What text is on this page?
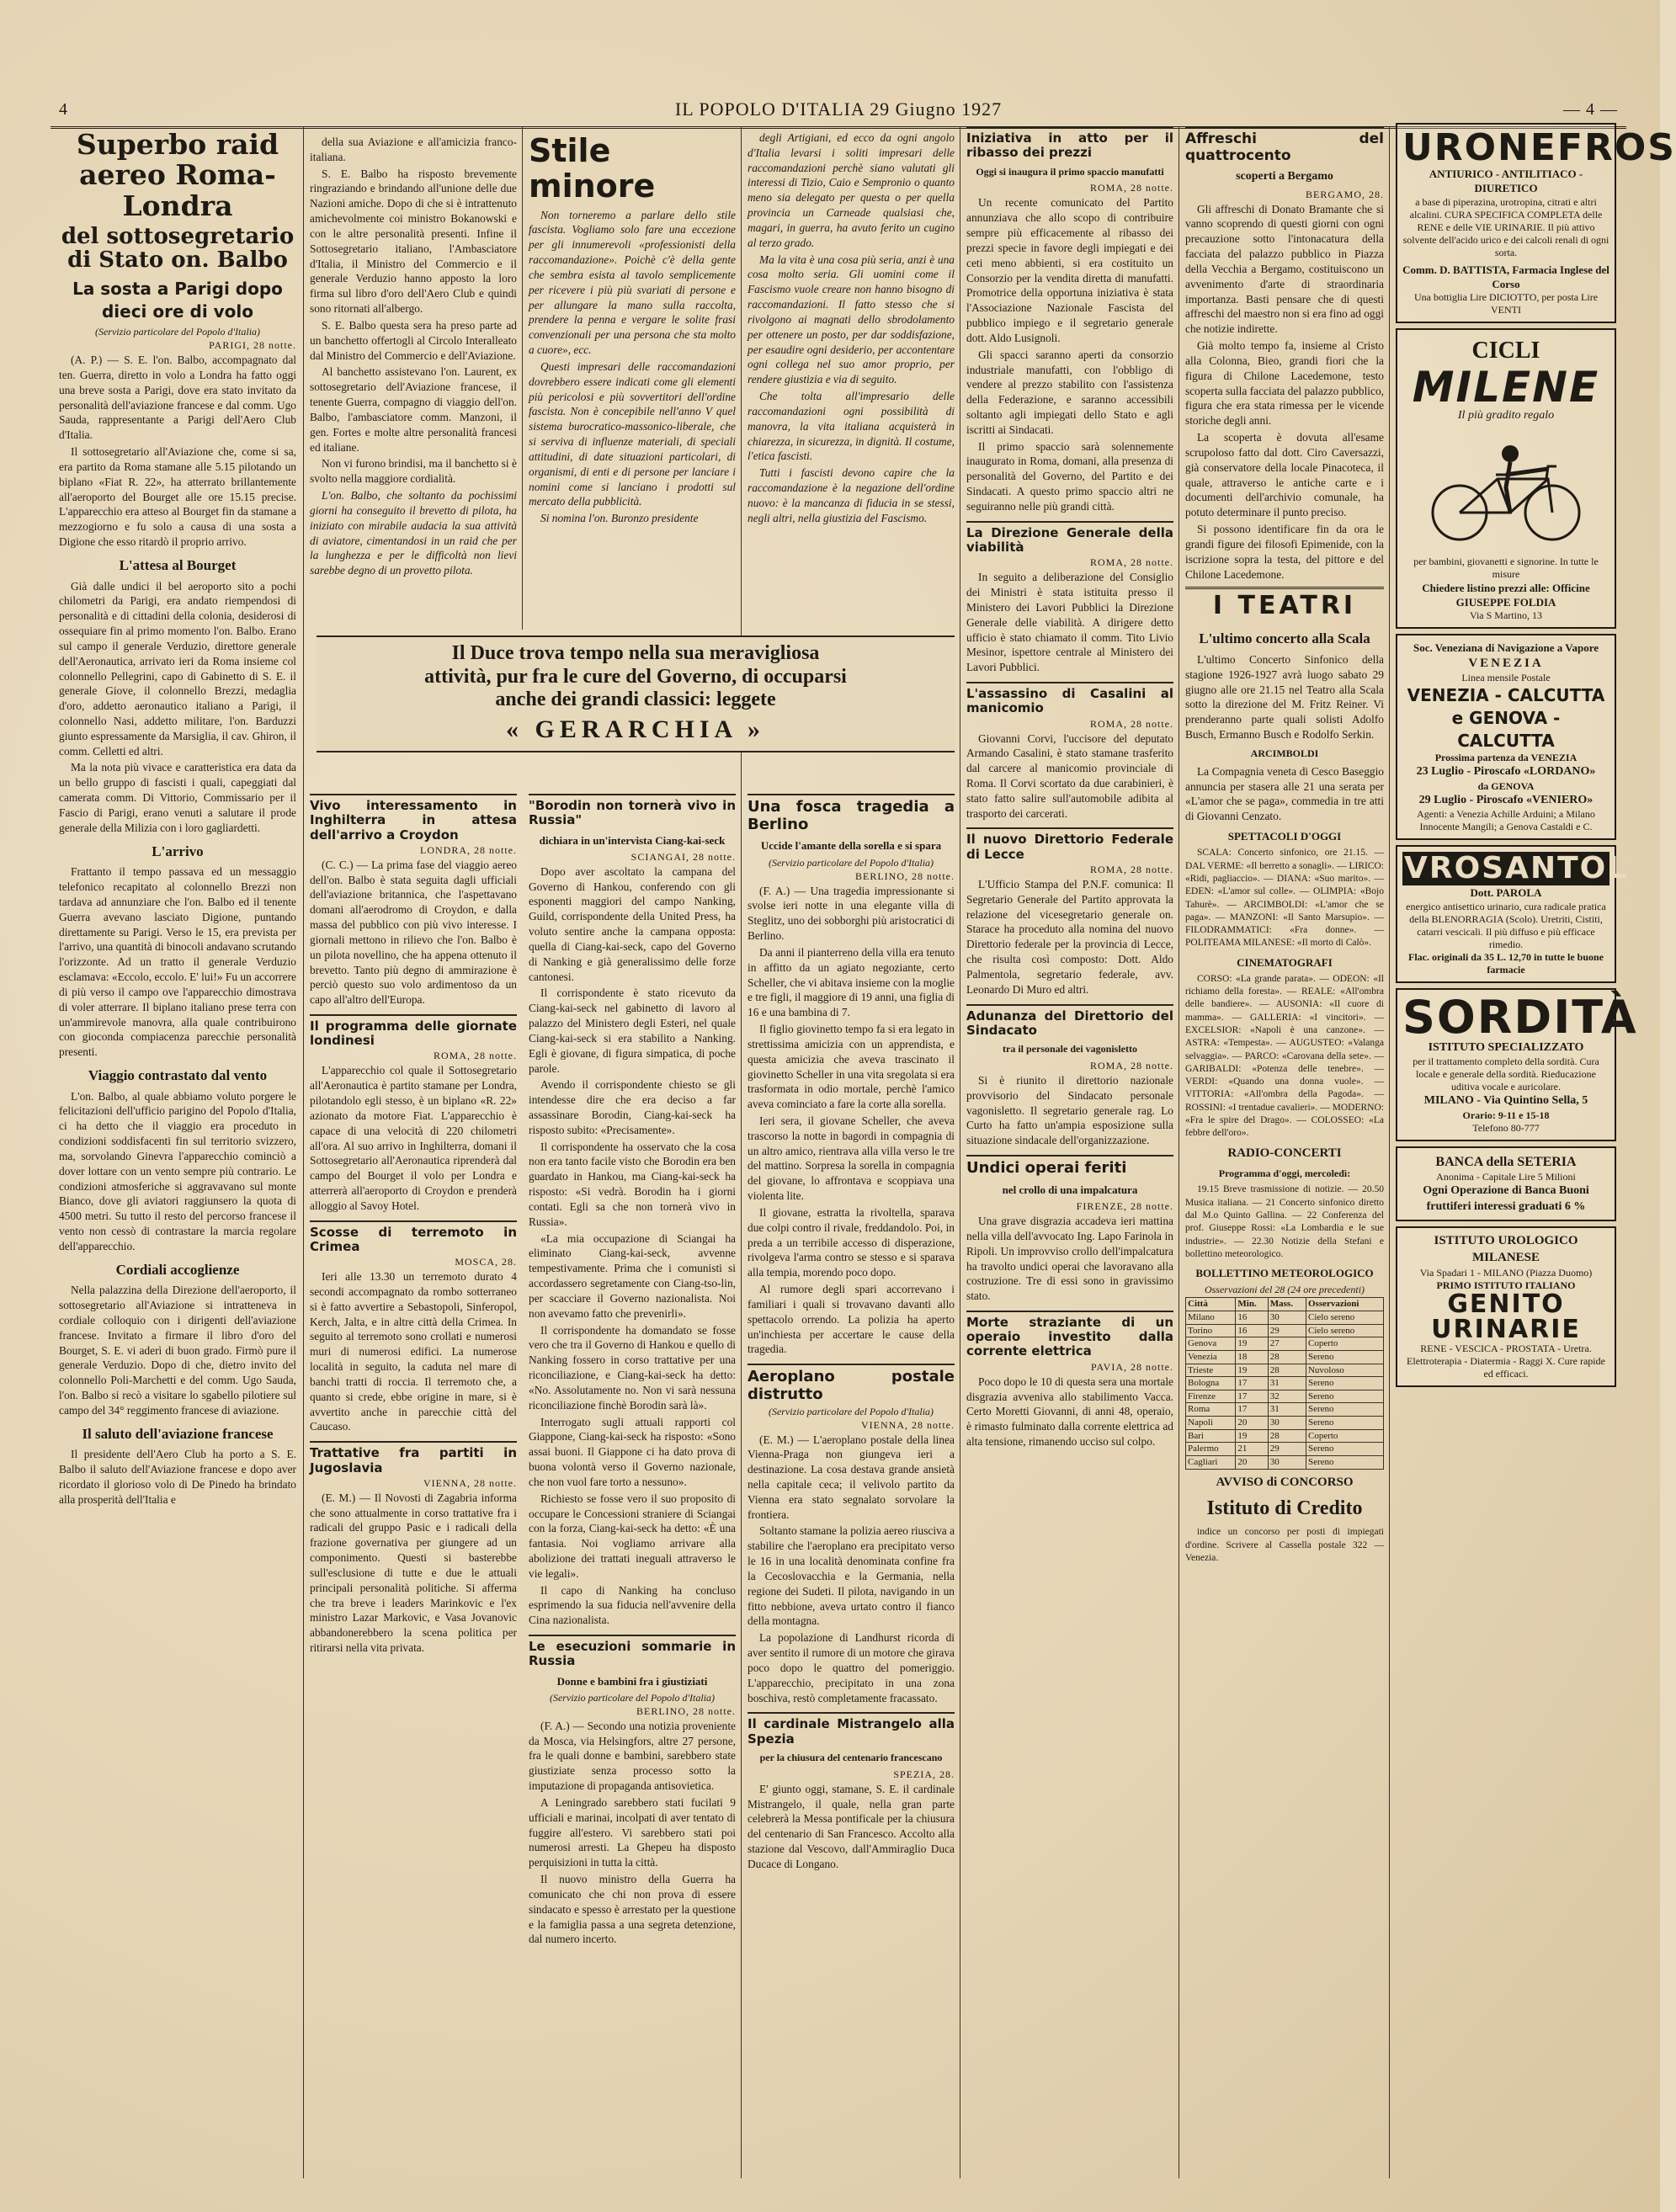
4	IL POPOLO D'ITALIA 29 Giugno 1927	— 4 —
Superbo raid aereo Roma-Londra
del sottosegretario di Stato on. Balbo
La sosta a Parigi dopo dieci ore di volo
(Servizio particolare del Popolo d'Italia)
PARIGI, 28 notte.

(A. P.) — S. E. l'on. Balbo, accompagnato dal ten. Guerra, diretto in volo a Londra ha fatto oggi una breve sosta a Parigi, dove era stato invitato da personalità dell'aviazione francese e dal comm. Ugo Sauda, rappresentante a Parigi dell'Aero Club d'Italia.

Il sottosegretario all'Aviazione che, come si sa, era partito da Roma stamane alle 5.15 pilotando un biplano «Fiat R. 22», ha atterrato brillantemente all'aeroporto del Bourget alle ore 15.15 precise. L'apparecchio era atteso al Bourget fin da stamane a mezzogiorno e fu solo a causa di una sosta a Digione che esso ritardò il proprio arrivo.

L'attesa al Bourget

Già dalle undici il bel aeroporto sito a pochi chilometri da Parigi, era andato riempendosi di personalità e di cittadini della colonia, desiderosi di ossequiare fin al primo momento l'on. Balbo. Erano sul campo il generale Verduzio, direttore generale dell'Aeronautica, arrivato ieri da Roma insieme col colonnello Pellegrini, capo di Gabinetto di S. E. il generale Giove, il colonnello Brezzi, medaglia d'oro, addetto aeronautico italiano a Parigi, il colonnello Nasi, addetto militare, l'on. Barduzzi giunto espressamente da Marsiglia, il cav. Ghiron, il comm. Celletti ed altri.

Ma la nota più vivace e caratteristica era data da un bello gruppo di fascisti i quali, capeggiati dal camerata comm. Di Vittorio, Commissario per il Fascio di Parigi, erano venuti a salutare il prode generale della Milizia con i loro gagliardetti.

L'arrivo

Frattanto il tempo passava ed un messaggio telefonico recapitato al colonnello Brezzi non tardava ad annunziare che l'on. Balbo ed il tenente Guerra avevano lasciato Digione, puntando direttamente su Parigi. Verso le 15, era prevista per l'arrivo, una quantità di binocoli andavano scrutando l'orizzonte. Ad un tratto il generale Verduzio esclamava: «Eccolo, eccolo. E' lui!» Fu un accorrere di più verso il campo ove l'apparecchio dimostrava di voler atterrare. Il biplano italiano prese terra con un'ammirevole manovra, alla quale contribuirono con gioconda compiacenza parecchie personalità presenti.

Viaggio contrastato dal vento

L'on. Balbo, al quale abbiamo voluto porgere le felicitazioni dell'ufficio parigino del Popolo d'Italia, ci ha detto che il viaggio era proceduto in condizioni soddisfacenti fin sul territorio svizzero, ma, sorvolando Ginevra l'apparecchio cominciò a dover lottare con un vento sempre più contrario. Le condizioni atmosferiche si aggravavano sul monte Bianco, dove gli aviatori raggiunsero la quota di 4500 metri. Su tutto il resto del percorso francese il vento non cessò di contrastare la marcia regolare dell'apparecchio.

Cordiali accoglienze

Nella palazzina della Direzione dell'aeroporto, il sottosegretario all'Aviazione si intratteneva in cordiale colloquio con i dirigenti dell'aviazione francese. Invitato a firmare il libro d'oro del Bourget, S. E. vi aderì di buon grado. Firmò pure il generale Verduzio. Dopo di che, dietro invito del colonnello Poli-Marchetti e del comm. Ugo Sauda, l'on. Balbo si recò a visitare lo sgabello pilotiere sul campo del 34° reggimento francese di aviazione.

Il saluto dell'aviazione francese

Il presidente dell'Aero Club ha porto a S. E. Balbo il saluto dell'Aviazione francese e dopo aver ricordato il glorioso volo di De Pinedo ha brindato alla prosperità dell'Italia e

della sua Aviazione e all'amicizia franco-italiana.

S. E. Balbo ha risposto brevemente ringraziando e brindando all'unione delle due Nazioni amiche. Dopo di che si è intrattenuto amichevolmente coi ministro Bokanowski e con le altre personalità presenti. Infine il Sottosegretario italiano, l'Ambasciatore d'Italia, il Ministro del Commercio e il generale Verduzio hanno apposto la loro firma sul libro d'oro dell'Aero Club e quindi sono ritornati all'albergo.

S. E. Balbo questa sera ha preso parte ad un banchetto offertogli al Circolo Interalleato dal Ministro del Commercio e dell'Aviazione.

Al banchetto assistevano l'on. Laurent, ex sottosegretario dell'Aviazione francese, il tenente Guerra, compagno di viaggio dell'on. Balbo, l'ambasciatore comm. Manzoni, il gen. Fortes e molte altre personalità francesi ed italiane.

Non vi furono brindisi, ma il banchetto si è svolto nella maggiore cordialità.

L'on. Balbo, che soltanto da pochissimi giorni ha conseguito il brevetto di pilota, ha iniziato con mirabile audacia la sua attività di aviatore, cimentandosi in un raid che per la lunghezza e per le difficoltà non lievi sarebbe degno di un provetto pilota.

Vivo interessamento in Inghilterra in attesa dell'arrivo a Croydon
LONDRA, 28 notte.

(C. C.) — La prima fase del viaggio aereo dell'on. Balbo è stata seguita dagli ufficiali dell'aviazione britannica, che l'aspettavano domani all'aerodromo di Croydon, e dalla massa del pubblico con più vivo interesse. I giornali mettono in rilievo che l'on. Balbo è un pilota novellino, che ha appena ottenuto il brevetto. Tanto più degno di ammirazione è perciò questo suo volo ardimentoso da un capo all'altro dell'Europa.

Il programma delle giornate londinesi
ROMA, 28 notte.

L'apparecchio col quale il Sottosegretario all'Aeronautica è partito stamane per Londra, pilotandolo egli stesso, è un biplano «R. 22» azionato da motore Fiat. L'apparecchio è capace di una velocità di 220 chilometri all'ora. Al suo arrivo in Inghilterra, domani il Sottosegretario all'Aeronautica riprenderà dal campo del Bourget il volo per Londra e atterrerà all'aeroporto di Croydon e prenderà alloggio al Savoy Hotel.

Scosse di terremoto in Crimea
MOSCA, 28.

Ieri alle 13.30 un terremoto durato 4 secondi accompagnato da rombo sotterraneo si è fatto avvertire a Sebastopoli, Sinferopol, Kerch, Jalta, e in altre città della Crimea. In seguito al terremoto sono crollati e numerosi muri di numerosi edifici. La numerose località in seguito, la caduta nel mare di banchi tratti di roccia. Il terremoto che, a quanto si crede, ebbe origine in mare, si è avvertito anche in parecchie città del Caucaso.

Trattative fra partiti in Jugoslavia
VIENNA, 28 notte.

(E. M.) — Il Novosti di Zagabria informa che sono attualmente in corso trattative fra i radicali del gruppo Pasic e i radicali della frazione governativa per giungere ad un componimento. Questi si basterebbe sull'esclusione di tutte e due le attuali principali personalità politiche. Si afferma che tra breve i leaders Marinkovic e l'ex ministro Lazar Markovic, e Vasa Jovanovic abbandonerebbero la scena politica per ritirarsi nella vita privata.

Stile minore

Non torneremo a parlare dello stile fascista. Vogliamo solo fare una eccezione per gli innumerevoli «professionisti della raccomandazione». Poichè c'è della gente che sembra esista al tavolo semplicemente per ricevere i più più svariati di persone e per allungare la mano sulla raccolta, prendere la penna e vergare le solite frasi convenzionali per una persona che sta molto a cuore», ecc.

Questi impresari delle raccomandazioni dovrebbero essere indicati come gli elementi più pericolosi e più sovvertitori dell'ordine fascista. Non è concepibile nell'anno V quel sistema burocratico-massonico-liberale, che si serviva di influenze materiali, di speciali attitudini, di date situazioni particolari, di organismi, di enti e di persone per lanciare i nomini come si lanciano i prodotti sul mercato della pubblicità.

Si nomina l'on. Buronzo presidente

degli Artigiani, ed ecco da ogni angolo d'Italia levarsi i soliti impresari delle raccomandazioni perchè siano valutati gli interessi di Tizio, Caio e Sempronio o quanto meno sia delegato per questa o per quella provincia un Carneade qualsiasi che, magari, in guerra, ha avuto ferito un cugino al terzo grado.

Ma la vita è una cosa più seria, anzi è una cosa molto seria. Gli uomini come il Fascismo vuole creare non hanno bisogno di raccomandazioni. Il fatto stesso che si rivolgono ai magnati dello sbrodolamento per ottenere un posto, per dar soddisfazione, per esaudire ogni desiderio, per accontentare ogni collega nel suo amor proprio, per rendere giustizia e via di seguito.

Che tolta all'impresario delle raccomandazioni ogni possibilità di manovra, la vita italiana acquisterà in chiarezza, in sicurezza, in dignità. Il costume, l'etica fascisti.

Tutti i fascisti devono capire che la raccomandazione è la negazione dell'ordine nuovo: è la mancanza di fiducia in se stessi, negli altri, nella giustizia del Fascismo.

Il Duce trova tempo nella sua meravigliosa
attività, pur fra le cure del Governo, di occuparsi
anche dei grandi classici: leggete
« GERARCHIA »
"Borodin non tornerà vivo in Russia"
dichiara in un'intervista Ciang-kai-seck
SCIANGAI, 28 notte.

Dopo aver ascoltato la campana del Governo di Hankou, conferendo con gli esponenti maggiori del campo Nanking, Guild, corrispondente della United Press, ha voluto sentire anche la campana opposta: quella di Ciang-kai-seck, capo del Governo di Nanking e già generalissimo delle forze cantonesi.

Il corrispondente è stato ricevuto da Ciang-kai-seck nel gabinetto di lavoro al palazzo del Ministero degli Esteri, nel quale Ciang-kai-seck si era stabilito a Nanking. Egli è giovane, di figura simpatica, di poche parole.

Avendo il corrispondente chiesto se gli intendesse dire che era deciso a far assassinare Borodin, Ciang-kai-seck ha risposto subito: «Precisamente».

Il corrispondente ha osservato che la cosa non era tanto facile visto che Borodin era ben guardato in Hankou, ma Ciang-kai-seck ha risposto: «Si vedrà. Borodin ha i giorni contati. Egli sa che non tornerà vivo in Russia».

«La mia occupazione di Sciangai ha eliminato Ciang-kai-seck, avvenne tempestivamente. Prima che i comunisti si accordassero segretamente con Ciang-tso-lin, per scacciare il Governo nazionalista. Noi non avevamo fatto che prevenirli».

Il corrispondente ha domandato se fosse vero che tra il Governo di Hankou e quello di Nanking fossero in corso trattative per una riconciliazione, e Ciang-kai-seck ha detto: «No. Assolutamente no. Non vi sarà nessuna riconciliazione finchè Borodin sarà là».

Interrogato sugli attuali rapporti col Giappone, Ciang-kai-seck ha risposto: «Sono assai buoni. Il Giappone ci ha dato prova di buona volontà verso il Governo nazionale, che non vuol fare torto a nessuno».

Richiesto se fosse vero il suo proposito di occupare le Concessioni straniere di Sciangai con la forza, Ciang-kai-seck ha detto: «È una fantasia. Noi vogliamo arrivare alla abolizione dei trattati ineguali attraverso le vie legali».

Il capo di Nanking ha concluso esprimendo la sua fiducia nell'avvenire della Cina nazionalista.

Le esecuzioni sommarie in Russia
Donne e bambini fra i giustiziati
(Servizio particolare del Popolo d'Italia)
BERLINO, 28 notte.

(F. A.) — Secondo una notizia proveniente da Mosca, via Helsingfors, altre 27 persone, fra le quali donne e bambini, sarebbero state giustiziate senza processo sotto la imputazione di propaganda antisovietica.

A Leningrado sarebbero stati fucilati 9 ufficiali e marinai, incolpati di aver tentato di fuggire all'estero. Vi sarebbero stati poi numerosi arresti. La Ghepeu ha disposto perquisizioni in tutta la città.

Il nuovo ministro della Guerra ha comunicato che chi non prova di essere sindacato e spesso è arrestato per la questione e la famiglia passa a una segreta detenzione, dal numero incerto.

Una fosca tragedia a Berlino
Uccide l'amante della sorella e si spara
(Servizio particolare del Popolo d'Italia)
BERLINO, 28 notte.

(F. A.) — Una tragedia impressionante si svolse ieri notte in una elegante villa di Steglitz, uno dei sobborghi più aristocratici di Berlino.

Da anni il pianterreno della villa era tenuto in affitto da un agiato negoziante, certo Scheller, che vi abitava insieme con la moglie e tre figli, il maggiore di 19 anni, una figlia di 16 e una bambina di 7.

Il figlio giovinetto tempo fa si era legato in strettissima amicizia con un apprendista, e questa amicizia che aveva trascinato il giovinetto Scheller in una vita sregolata si era trasformata in odio mortale, perchè l'amico aveva cominciato a fare la corte alla sorella.

Ieri sera, il giovane Scheller, che aveva trascorso la notte in bagordi in compagnia di un altro amico, rientrava alla villa verso le tre del mattino. Sorpresa la sorella in compagnia del giovane, lo affrontava e scoppiava una violenta lite.

Il giovane, estratta la rivoltella, sparava due colpi contro il rivale, freddandolo. Poi, in preda a un terribile accesso di disperazione, rivolgeva l'arma contro se stesso e si sparava alla tempia, morendo poco dopo.

Al rumore degli spari accorrevano i familiari i quali si trovavano davanti allo spettacolo orrendo. La polizia ha aperto un'inchiesta per accertare le cause della tragedia.

Aeroplano postale distrutto
(Servizio particolare del Popolo d'Italia)
VIENNA, 28 notte.

(E. M.) — L'aeroplano postale della linea Vienna-Praga non giungeva ieri a destinazione. La cosa destava grande ansietà nella capitale ceca; il velivolo partito da Vienna era stato segnalato sorvolare la frontiera.

Soltanto stamane la polizia aereo riusciva a stabilire che l'aeroplano era precipitato verso le 16 in una località denominata confine fra la Cecoslovacchia e la Germania, nella regione dei Sudeti. Il pilota, navigando in un fitto nebbione, aveva urtato contro il fianco della montagna.

La popolazione di Landhurst ricorda di aver sentito il rumore di un motore che girava poco dopo le quattro del pomeriggio. L'apparecchio, precipitato in una zona boschiva, restò completamente fracassato.

Il cardinale Mistrangelo alla Spezia
per la chiusura del centenario francescano
SPEZIA, 28.

E' giunto oggi, stamane, S. E. il cardinale Mistrangelo, il quale, nella gran parte celebrerà la Messa pontificale per la chiusura del centenario di San Francesco. Accolto alla stazione dal Vescovo, dall'Ammiraglio Duca Ducace di Longano.

Iniziativa in atto per il ribasso dei prezzi
Oggi si inaugura il primo spaccio manufatti
ROMA, 28 notte.

Un recente comunicato del Partito annunziava che allo scopo di contribuire sempre più efficacemente al ribasso dei prezzi specie in favore degli impiegati e dei ceti meno abbienti, si era costituito un Consorzio per la vendita diretta di manufatti. Promotrice della opportuna iniziativa è stata l'Associazione Nazionale Fascista del pubblico impiego e il segretario generale dott. Aldo Lusignoli.

Gli spacci saranno aperti da consorzio industriale manufatti, con l'obbligo di vendere al prezzo stabilito con l'assistenza della Federazione, e saranno accessibili soltanto agli impiegati dello Stato e agli iscritti ai Sindacati.

Il primo spaccio sarà solennemente inaugurato in Roma, domani, alla presenza di personalità del Governo, del Partito e dei Sindacati. A questo primo spaccio altri ne seguiranno nelle più grandi città.

La Direzione Generale della viabilità
ROMA, 28 notte.

In seguito a deliberazione del Consiglio dei Ministri è stata istituita presso il Ministero dei Lavori Pubblici la Direzione Generale delle viabilità. A dirigere detto ufficio è stato chiamato il comm. Tito Livio Mesinor, ispettore centrale al Ministero dei Lavori Pubblici.

L'assassino di Casalini al manicomio
ROMA, 28 notte.

Giovanni Corvi, l'uccisore del deputato Armando Casalini, è stato stamane trasferito dal carcere al manicomio provinciale di Roma. Il Corvi scortato da due carabinieri, è stato fatto salire sull'automobile adibita al trasporto dei carcerati.

Il nuovo Direttorio Federale di Lecce
ROMA, 28 notte.

L'Ufficio Stampa del P.N.F. comunica: Il Segretario Generale del Partito approvata la relazione del vicesegretario generale on. Starace ha proceduto alla nomina del nuovo Direttorio federale per la provincia di Lecce, che risulta così composto: Dott. Aldo Palmentola, segretario federale, avv. Leonardo Di Muro ed altri.

Adunanza del Direttorio del Sindacato
tra il personale dei vagonisletto
ROMA, 28 notte.

Si è riunito il direttorio nazionale provvisorio del Sindacato personale vagonisletto. Il segretario generale rag. Lo Curto ha fatto un'ampia esposizione sulla situazione sindacale dell'organizzazione.

Undici operai feriti
nel crollo di una impalcatura
FIRENZE, 28 notte.

Una grave disgrazia accadeva ieri mattina nella villa dell'avvocato Ing. Lapo Farinola in Ripoli. Un improvviso crollo dell'impalcatura ha travolto undici operai che lavoravano alla costruzione. Tre di essi sono in gravissimo stato.

Morte straziante di un operaio investito dalla corrente elettrica
PAVIA, 28 notte.

Poco dopo le 10 di questa sera una mortale disgrazia avveniva allo stabilimento Vacca. Certo Moretti Giovanni, di anni 48, operaio, è rimasto fulminato dalla corrente elettrica ad alta tensione, rimanendo ucciso sul colpo.

Affreschi del quattrocento
scoperti a Bergamo
BERGAMO, 28.

Gli affreschi di Donato Bramante che si vanno scoprendo di questi giorni con ogni precauzione sotto l'intonacatura della facciata del palazzo pubblico in Piazza della Vecchia a Bergamo, costituiscono un avvenimento d'arte di straordinaria importanza. Basti pensare che di questi affreschi del maestro non si era fino ad oggi che notizie indirette.

Già molto tempo fa, insieme al Cristo alla Colonna, Bieo, grandi fiori che la figura di Chilone Lacedemone, testo scoperta sulla facciata del palazzo pubblico, figura che era stata rimessa per le vicende storiche degli anni.

La scoperta è dovuta all'esame scrupoloso fatto dal dott. Ciro Caversazzi, già conservatore della locale Pinacoteca, il quale, attraverso le antiche carte e i documenti dell'archivio comunale, ha potuto determinare il punto preciso.

Si possono identificare fin da ora le grandi figure dei filosofi Epimenide, con la iscrizione sopra la testa, del pittore e del Chilone Lacedemone.

I TEATRI
L'ultimo concerto alla Scala

L'ultimo Concerto Sinfonico della stagione 1926-1927 avrà luogo sabato 29 giugno alle ore 21.15 nel Teatro alla Scala sotto la direzione del M. Fritz Reiner. Vi prenderanno parte quali solisti Adolfo Busch, Ermanno Busch e Rodolfo Serkin.

ARCIMBOLDI

La Compagnia veneta di Cesco Baseggio annuncia per stasera alle 21 una serata per «L'amor che se paga», commedia in tre atti di Giovanni Cenzato.

SPETTACOLI D'OGGI

SCALA: Concerto sinfonico, ore 21.15. — DAL VERME: «Il berretto a sonagli». — LIRICO: «Ridi, pagliaccio». — DIANA: «Suo marito». — EDEN: «L'amor sul colle». — OLIMPIA: «Bojo Tahurè». — ARCIMBOLDI: «L'amor che se paga». — MANZONI: «Il Santo Marsupio». — FILODRAMMATICI: «Fra donne». — POLITEAMA MILANESE: «Il morto di Calò».

CINEMATOGRAFI

CORSO: «La grande parata». — ODEON: «Il richiamo della foresta». — REALE: «All'ombra delle bandiere». — AUSONIA: «Il cuore di mamma». — GALLERIA: «I vincitori». — EXCELSIOR: «Napoli è una canzone». — ASTRA: «Tempesta». — AUGUSTEO: «Valanga selvaggia». — PARCO: «Carovana della sete». — GARIBALDI: «Potenza delle tenebre». — VERDI: «Quando una donna vuole». — VITTORIA: «All'ombra della Pagoda». — ROSSINI: «I trentadue cavalieri». — MODERNO: «Fra le spire del Drago». — COLOSSEO: «La febbre dell'oro».

RADIO-CONCERTI
Programma d'oggi, mercoledì:

19.15 Breve trasmissione di notizie. — 20.50 Musica italiana. — 21 Concerto sinfonico diretto dal M.o Quinto Gallina. — 22 Conferenza del prof. Giuseppe Rossi: «La Lombardia e le sue industrie». — 22.30 Notizie della Stefani e bollettino meteorologico.

BOLLETTINO METEOROLOGICO
Osservazioni del 28 (24 ore precedenti)
Città	Min.	Mass.	Osservazioni
Milano	16	30	Cielo sereno
Torino	16	29	Cielo sereno
Genova	19	27	Coperto
Venezia	18	28	Sereno
Trieste	19	28	Nuvoloso
Bologna	17	31	Sereno
Firenze	17	32	Sereno
Roma	17	31	Sereno
Napoli	20	30	Sereno
Bari	19	28	Coperto
Palermo	21	29	Sereno
Cagliari	20	30	Sereno
AVVISO di CONCORSO
Istituto di Credito

indice un concorso per posti di impiegati d'ordine. Scrivere al Cassella postale 322 — Venezia.

URONEFROS
ANTIURICO - ANTILITIACO - DIURETICO
a base di piperazina, urotropina, citrati e altri alcalini. CURA SPECIFICA COMPLETA delle RENE e delle VIE URINARIE. Il più attivo solvente dell'acido urico e dei calcoli renali di ogni sorta.
Comm. D. BATTISTA, Farmacia Inglese del Corso
Una bottiglia Lire DICIOTTO, per posta Lire VENTI
CICLI
MILENE
Il più gradito regalo
per bambini, giovanetti e signorine. In tutte le misure
Chiedere listino prezzi alle: Officine GIUSEPPE FOLDIA
Via S Martino, 13
Soc. Veneziana di Navigazione a Vapore
VENEZIA
Linea mensile Postale
VENEZIA - CALCUTTA e GENOVA - CALCUTTA
Prossima partenza da VENEZIA
23 Luglio - Piroscafo «LORDANO»
da GENOVA
29 Luglio - Piroscafo «VENIERO»
Agenti: a Venezia Achille Arduini; a Milano Innocente Mangili; a Genova Castaldi e C.
VROSANTOL
Dott. PAROLA
energico antisettico urinario, cura radicale pratica della BLENORRAGIA (Scolo). Uretriti, Cistiti, catarri vescicali. Il più diffuso e più efficace rimedio.
Flac. originali da 35 L. 12,70 in tutte le buone farmacie
SORDITÀ
ISTITUTO SPECIALIZZATO
per il trattamento completo della sordità. Cura locale e generale della sordità. Rieducazione uditiva vocale e auricolare.
MILANO - Via Quintino Sella, 5
Orario: 9-11 e 15-18
Telefono 80-777
BANCA della SETERIA
Anonima - Capitale Lire 5 Milioni
Ogni Operazione di Banca Buoni fruttiferi interessi graduati 6 %
ISTITUTO UROLOGICO MILANESE
Via Spadari 1 - MILANO (Piazza Duomo)
PRIMO ISTITUTO ITALIANO
GENITO URINARIE
RENE - VESCICA - PROSTATA - Uretra. Elettroterapia - Diatermia - Raggi X. Cure rapide ed efficaci.
